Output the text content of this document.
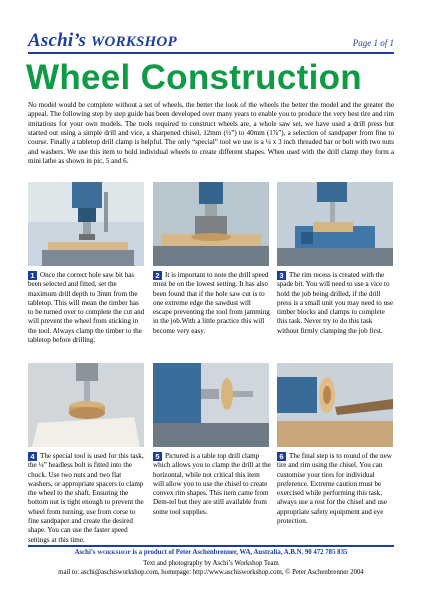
Aschi’s WORKSHOP	Page 1 of 1
Wheel Construction
No model would be complete without a set of wheels, the better the look of the wheels the better the model and the greater the appeal. The following step by step guide has been developed over many years to enable you to produce the very best tire and rim imitations for your own models. The tools required to construct wheels are, a whole saw set, we have used a drill press but started out using a simple drill and vice, a sharpened chisel, 12mm (½”) to 40mm (1⅞”), a selection of sandpaper from fine to course. Finally a tabletop drill clamp is helpful. The only “special” tool we use is a ¼ x 3 inch threaded bar or bolt with two nuts and washers. We use this item to hold individual wheels to create different shapes. When used with the drill clamp they form a mini lathe as shown in pic, 5 and 6.
1 Once the correct hole saw bit has been selected and fitted, set the maximum drill depth to 3mm from the tabletop. This will mean the timber has to be turned over to complete the cut and will prevent the wheel from sticking in the tool. Always clamp the timber to the tabletop before drilling.
2 It is important to note the drill speed must be on the lowest setting. It has also been found that if the hole saw cut is to one extreme edge the sawdust will escape preventing the tool from jamming in the job.With a little practice this will become very easy.
3 The rim recess is created with the spade bit. You will need to use a vice to hold the job being drilled, if the drill press is a small unit you may need to use timber blocks and clamps to complete this task. Never try to do this task without firmly clamping the job first.
4 The special tool is used for this task, the ¼” headless bolt is fitted into the chuck. Use two nuts and two flat washers, or appropriate spacers to clamp the wheel to the shaft. Ensuring the bottom nut is tight enough to prevent the wheel from turning, use from corse to fine sandpaper and create the desired shape. You can use the faster speed settings at this time.
5 Pictured is a table top drill clamp which allows you to clamp the drill at the horizontal, while not critical this item will allow you to use the chisel to create convex rim shapes. This item came from Dem-tel but they are still available from some tool supplies.
6 The final step is to round of the new tire and rim using the chisel. You can customise your tires for individual preference. Extreme caution must be exercised while performing this task, always use a rest for the chisel and use appropriate safety equipment and eye protection.
Aschi’s WORKSHOP is a product of Peter Aschenbrenner, WA, Australia, A.B.N. 90 472 785 835
Text and photography by Aschi’s Workshop Team
mail to: aschi@aschisworkshop.com, homepage: http://www.aschisworkshop.com, © Peter Aschenbrenner 2004
